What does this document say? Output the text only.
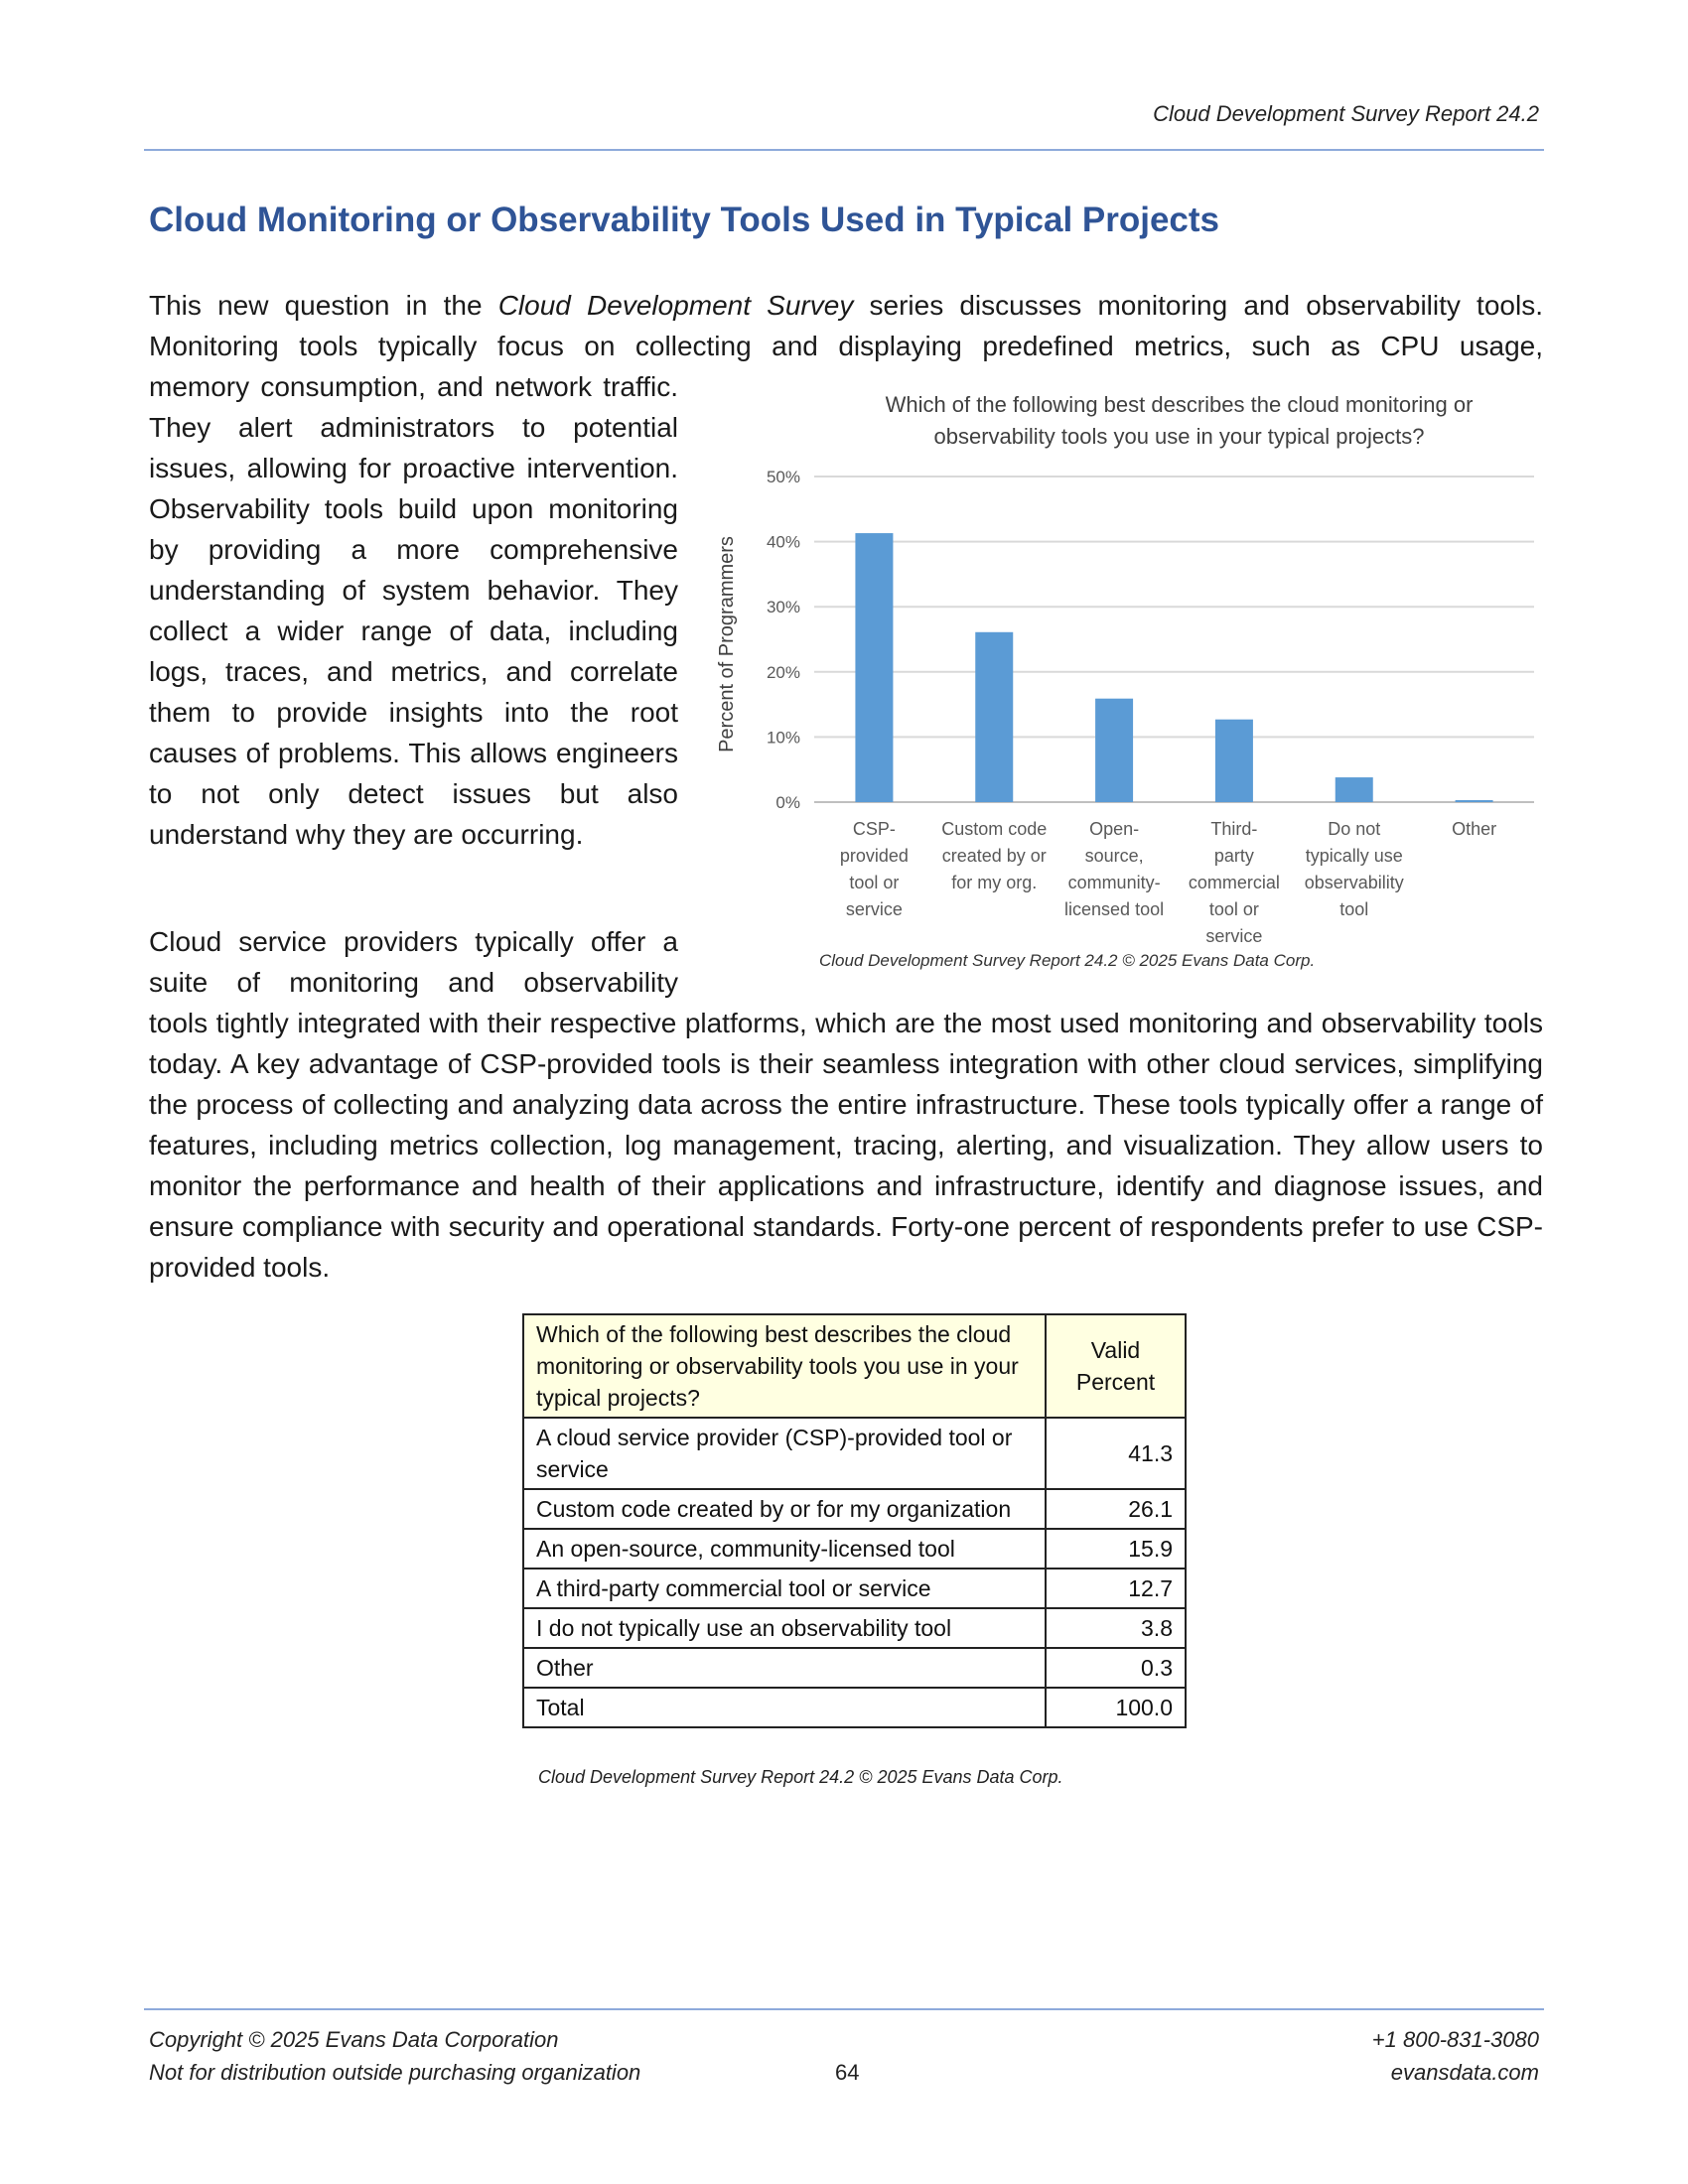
Cloud Development Survey Report 24.2
Cloud Monitoring or Observability Tools Used in Typical Projects

This new question in the Cloud Development Survey series discusses monitoring and observability tools. Monitoring tools typically focus on collecting and displaying predefined metrics, such as CPU usage,

memory consumption, and network traffic. They alert administrators to potential issues, allowing for proactive intervention. Observability tools build upon monitoring by providing a more comprehensive understanding of system behavior. They collect a wider range of data, including logs, traces, and metrics, and correlate them to provide insights into the root causes of problems. This allows engineers to not only detect issues but also understand why they are occurring.

Cloud service providers typically offer a suite of monitoring and observability

tools tightly integrated with their respective platforms, which are the most used monitoring and observability tools today. A key advantage of CSP-provided tools is their seamless integration with other cloud services, simplifying the process of collecting and analyzing data across the entire infrastructure. These tools typically offer a range of features, including metrics collection, log management, tracing, alerting, and visualization. They allow users to monitor the performance and health of their applications and infrastructure, identify and diagnose issues, and ensure compliance with security and operational standards. Forty-one percent of respondents prefer to use CSP-provided tools.

Which of the following best describes the cloud monitoring or
observability tools you use in your typical projects?
0%
10%
20%
30%
40%
50%
Percent of Programmers
CSP-
provided
tool or
service
Custom code
created by or
for my org.
Open-
source,
community-
licensed tool
Third-
party
commercial
tool or
service
Do not
typically use
observability
tool
Other
Cloud Development Survey Report 24.2 © 2025 Evans Data Corp.
Which of the following best describes the cloud monitoring or observability tools you use in your typical projects?	Valid Percent
A cloud service provider (CSP)-provided tool or service	41.3
Custom code created by or for my organization	26.1
An open-source, community-licensed tool	15.9
A third-party commercial tool or service	12.7
I do not typically use an observability tool	3.8
Other	0.3
Total	100.0
Cloud Development Survey Report 24.2 © 2025 Evans Data Corp.
Copyright © 2025 Evans Data Corporation
Not for distribution outside purchasing organization	64
+1 800-831-3080
evansdata.com
